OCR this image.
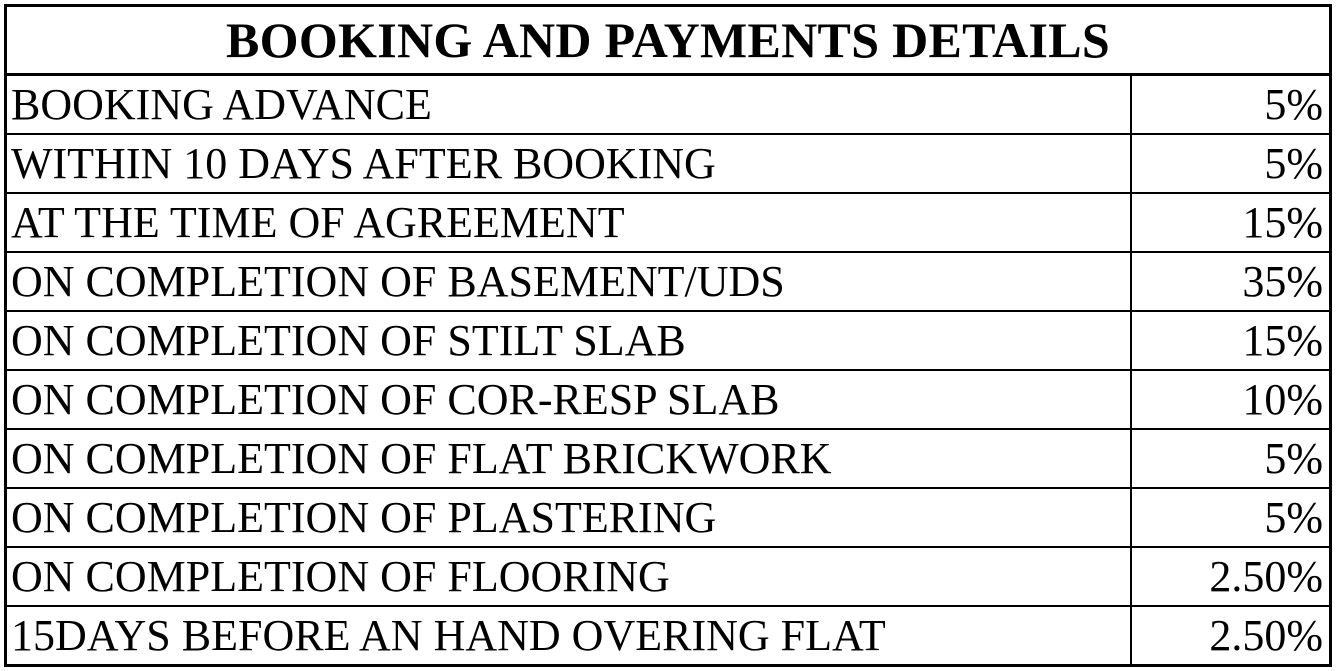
BOOKING AND PAYMENTS DETAILS	
BOOKING ADVANCE	5%
WITHIN 10 DAYS AFTER BOOKING	5%
AT THE TIME OF AGREEMENT	15%
ON COMPLETION OF BASEMENT/UDS	35%
ON COMPLETION OF STILT SLAB	15%
ON COMPLETION OF COR-RESP SLAB	10%
ON COMPLETION OF FLAT BRICKWORK	5%
ON COMPLETION OF PLASTERING	5%
ON COMPLETION OF FLOORING	2.50%
15DAYS BEFORE AN HAND OVERING FLAT	2.50%
